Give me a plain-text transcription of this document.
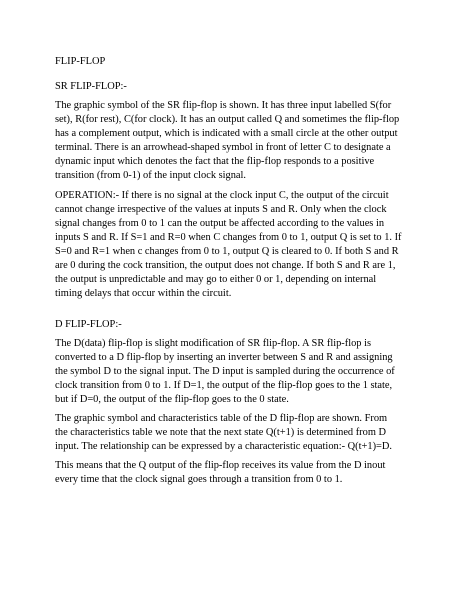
FLIP-FLOP

SR FLIP-FLOP:-

The graphic symbol of the SR flip-flop is shown. It has three input labelled S(for

set), R(for rest), C(for clock). It has an output called Q and sometimes the flip-flop

has a complement output, which is indicated with a small circle at the other output

terminal. There is an arrowhead-shaped symbol in front of letter C to designate a

dynamic input which denotes the fact that the flip-flop responds to a positive

transition (from 0-1) of the input clock signal.

OPERATION:- If there is no signal at the clock input C, the output of the circuit

cannot change irrespective of the values at inputs S and R. Only when the clock

signal changes from 0 to 1 can the output be affected according to the values in

inputs S and R. If S=1 and R=0 when C changes from 0 to 1, output Q is set to 1. If

S=0 and R=1 when c changes from 0 to 1, output Q is cleared to 0. If both S and R

are 0 during the cock transition, the output does not change. If both S and R are 1,

the output is unpredictable and may go to either 0 or 1, depending on internal

timing delays that occur within the circuit.

D FLIP-FLOP:-

The D(data) flip-flop is slight modification of SR flip-flop. A SR flip-flop is

converted to a D flip-flop by inserting an inverter between S and R and assigning

the symbol D to the signal input. The D input is sampled during the occurrence of

clock transition from 0 to 1. If D=1, the output of the flip-flop goes to the 1 state,

but if D=0, the output of the flip-flop goes to the 0 state.

The graphic symbol and characteristics table of the D flip-flop are shown. From

the characteristics table we note that the next state Q(t+1) is determined from D

input. The relationship can be expressed by a characteristic equation:- Q(t+1)=D.

This means that the Q output of the flip-flop receives its value from the D inout

every time that the clock signal goes through a transition from 0 to 1.
